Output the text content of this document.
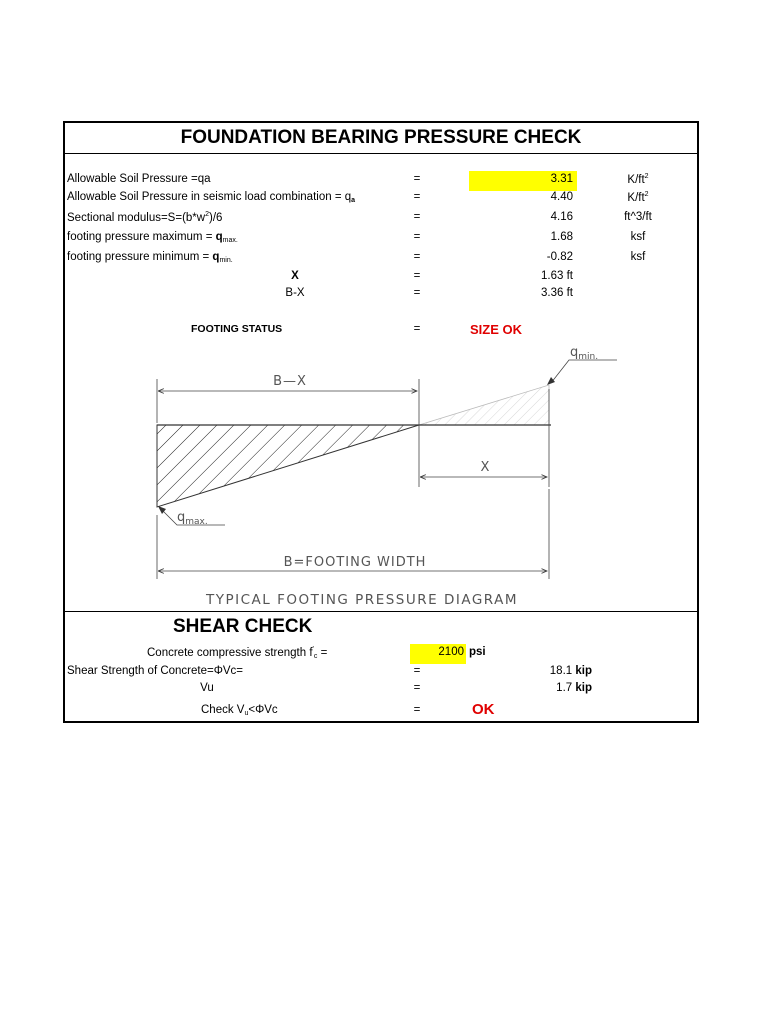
FOUNDATION BEARING PRESSURE CHECK
Allowable Soil Pressure =qa	=	3.31	$K/ft^2$
Allowable Soil Pressure in seismic load combination = $q_a$	=	4.40	$K/ft^2$
Sectional $modulus=S=(b*w^2)/6$	=	4.16	ft^3/ft
footing pressure maximum = $q_{max.}$	=	1.68	ksf
footing pressure minimum = $q_{min.}$	=	-0.82	ksf
X	=	1.63 ft
B-X	=	3.36 ft
FOOTING STATUS	=	SIZE OK
B—X
X
$q_{min.}$
$q_{max.}$
B=FOOTING WIDTH
TYPICAL FOOTING PRESSURE DIAGRAM
SHEAR CHECK
Concrete compressive strength $f'_c$ =	2100 psi
Shear Strength of Concrete=ΦVc=	=	18.1 kip
Vu	=	1.7 kip
Check $V_u<\Phi Vc$	=	OK
